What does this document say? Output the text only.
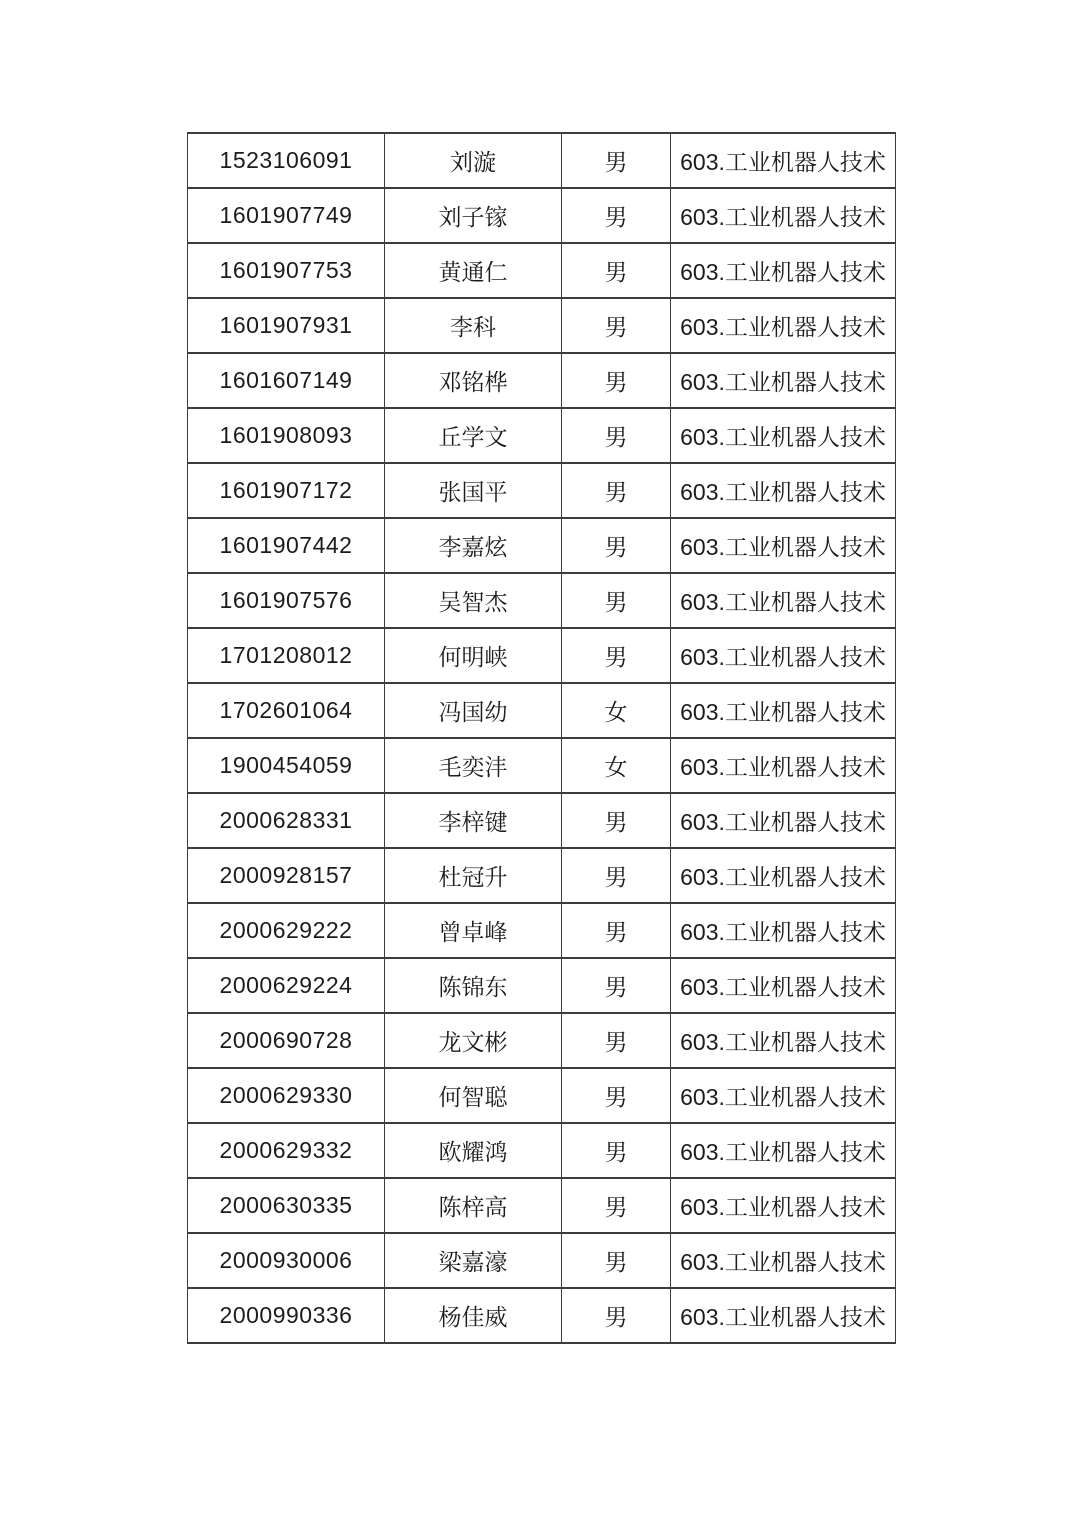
1523106091	刘漩	男	603.工业机器人技术
1601907749	刘子镓	男	603.工业机器人技术
1601907753	黄通仁	男	603.工业机器人技术
1601907931	李科	男	603.工业机器人技术
1601607149	邓铭桦	男	603.工业机器人技术
1601908093	丘学文	男	603.工业机器人技术
1601907172	张国平	男	603.工业机器人技术
1601907442	李嘉炫	男	603.工业机器人技术
1601907576	吴智杰	男	603.工业机器人技术
1701208012	何明峡	男	603.工业机器人技术
1702601064	冯国幼	女	603.工业机器人技术
1900454059	毛奕沣	女	603.工业机器人技术
2000628331	李梓键	男	603.工业机器人技术
2000928157	杜冠升	男	603.工业机器人技术
2000629222	曾卓峰	男	603.工业机器人技术
2000629224	陈锦东	男	603.工业机器人技术
2000690728	龙文彬	男	603.工业机器人技术
2000629330	何智聪	男	603.工业机器人技术
2000629332	欧耀鸿	男	603.工业机器人技术
2000630335	陈梓高	男	603.工业机器人技术
2000930006	梁嘉濠	男	603.工业机器人技术
2000990336	杨佳威	男	603.工业机器人技术
